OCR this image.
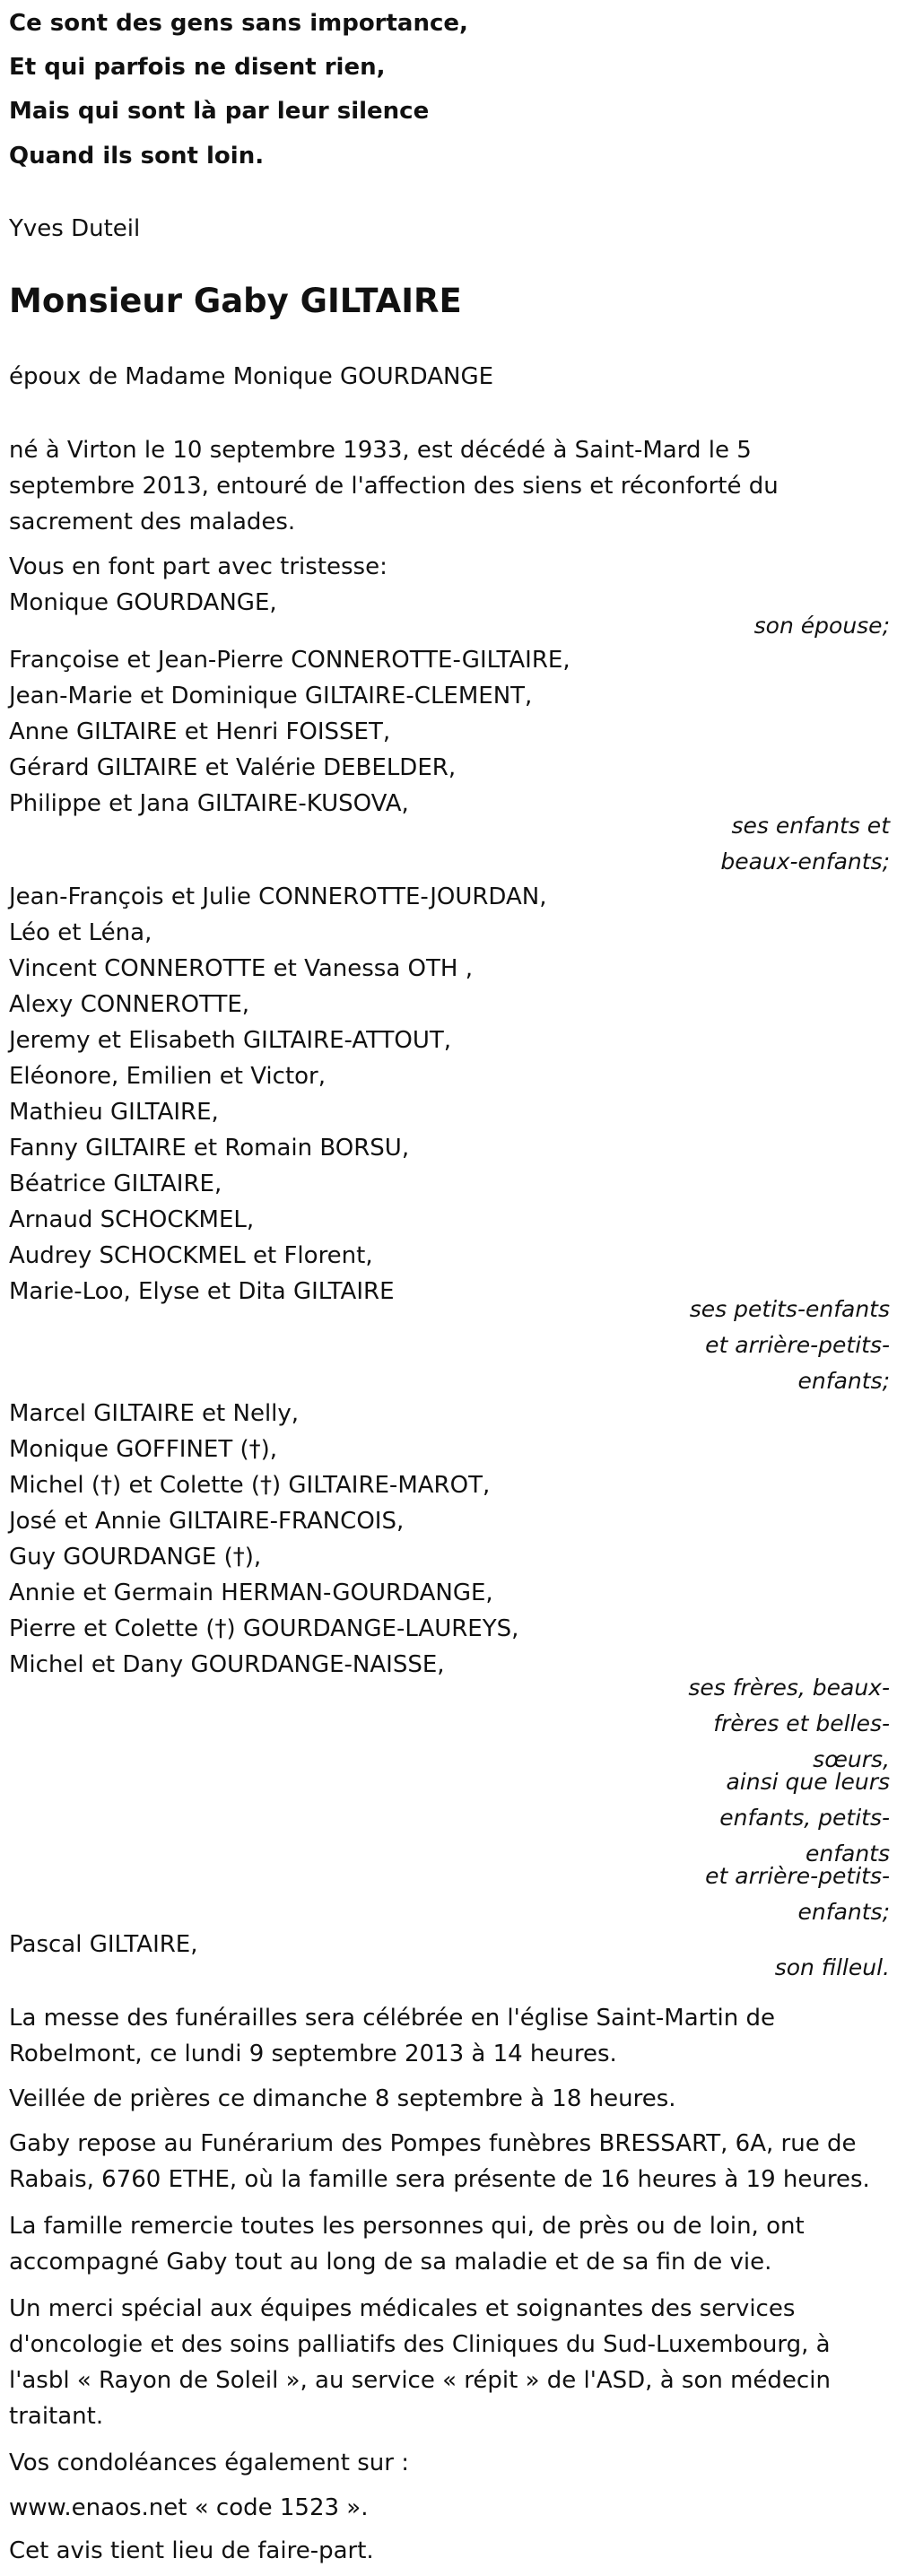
Ce sont des gens sans importance,
Et qui parfois ne disent rien,
Mais qui sont là par leur silence
Quand ils sont loin.
Yves Duteil
Monsieur Gaby GILTAIRE
époux de Madame Monique GOURDANGE
né à Virton le 10 septembre 1933, est décédé à Saint-Mard le 5
septembre 2013, entouré de l'affection des siens et réconforté du
sacrement des malades.
Vous en font part avec tristesse:
Monique GOURDANGE,
son épouse;
Françoise et Jean-Pierre CONNEROTTE-GILTAIRE,
Jean-Marie et Dominique GILTAIRE-CLEMENT,
Anne GILTAIRE et Henri FOISSET,
Gérard GILTAIRE et Valérie DEBELDER,
Philippe et Jana GILTAIRE-KUSOVA,
ses enfants et
beaux-enfants;
Jean-François et Julie CONNEROTTE-JOURDAN,
Léo et Léna,
Vincent CONNEROTTE et Vanessa OTH ,
Alexy CONNEROTTE,
Jeremy et Elisabeth GILTAIRE-ATTOUT,
Eléonore, Emilien et Victor,
Mathieu GILTAIRE,
Fanny GILTAIRE et Romain BORSU,
Béatrice GILTAIRE,
Arnaud SCHOCKMEL,
Audrey SCHOCKMEL et Florent,
Marie-Loo, Elyse et Dita GILTAIRE
ses petits-enfants
et arrière-petits-
enfants;
Marcel GILTAIRE et Nelly,
Monique GOFFINET (†),
Michel (†) et Colette (†) GILTAIRE-MAROT,
José et Annie GILTAIRE-FRANCOIS,
Guy GOURDANGE (†),
Annie et Germain HERMAN-GOURDANGE,
Pierre et Colette (†) GOURDANGE-LAUREYS,
Michel et Dany GOURDANGE-NAISSE,
ses frères, beaux-
frères et belles-
sœurs,
ainsi que leurs
enfants, petits-
enfants
et arrière-petits-
enfants;
Pascal GILTAIRE,
son filleul.
La messe des funérailles sera célébrée en l'église Saint-Martin de
Robelmont, ce lundi 9 septembre 2013 à 14 heures.
Veillée de prières ce dimanche 8 septembre à 18 heures.
Gaby repose au Funérarium des Pompes funèbres BRESSART, 6A, rue de
Rabais, 6760 ETHE, où la famille sera présente de 16 heures à 19 heures.
La famille remercie toutes les personnes qui, de près ou de loin, ont
accompagné Gaby tout au long de sa maladie et de sa fin de vie.
Un merci spécial aux équipes médicales et soignantes des services
d'oncologie et des soins palliatifs des Cliniques du Sud-Luxembourg, à
l'asbl « Rayon de Soleil », au service « répit » de l'ASD, à son médecin
traitant.
Vos condoléances également sur :
www.enaos.net « code 1523 ».
Cet avis tient lieu de faire-part.
